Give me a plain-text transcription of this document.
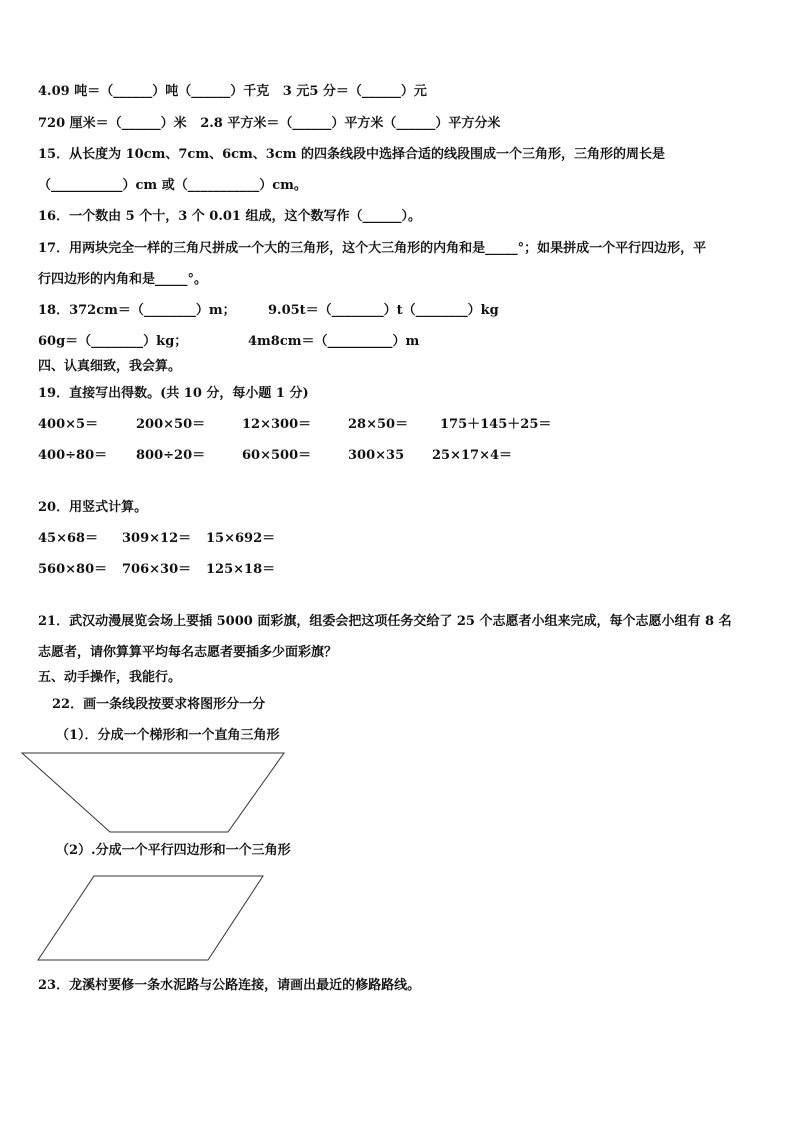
4.09 吨＝（______）吨（______）千克   3 元5 分＝（______）元
720 厘米＝（______）米   2.8 平方米＝（______）平方米（______）平方分米
15．从长度为 10cm、7cm、6cm、3cm 的四条线段中选择合适的线段围成一个三角形，三角形的周长是
（___________）cm 或（___________）cm。
16．一个数由 5 个十，3 个 0.01 组成，这个数写作（______）。
17．用两块完全一样的三角尺拼成一个大的三角形，这个大三角形的内角和是_____°；如果拼成一个平行四边形，平
行四边形的内角和是_____°。
18．372cm＝（________）m； 9.05t＝（________）t（________）kg
60g＝（________）kg；	4m8cm＝（__________）m
四、认真细致，我会算。
19．直接写出得数。(共 10 分，每小题 1 分)
400×5＝	200×50＝	12×300＝	28×50＝ 175＋145＋25＝
400÷80＝ 800÷20＝	60×500＝	300×35 25×17×4＝
20．用竖式计算。
45×68＝ 309×12＝ 15×692＝
560×80＝ 706×30＝ 125×18＝
21．武汉动漫展览会场上要插 5000 面彩旗，组委会把这项任务交给了 25 个志愿者小组来完成，每个志愿小组有 8 名
志愿者，请你算算平均每名志愿者要插多少面彩旗？
五、动手操作，我能行。
22．画一条线段按要求将图形分一分
（1）．分成一个梯形和一个直角三角形
（2）.分成一个平行四边形和一个三角形
23．龙溪村要修一条水泥路与公路连接，请画出最近的修路路线。
